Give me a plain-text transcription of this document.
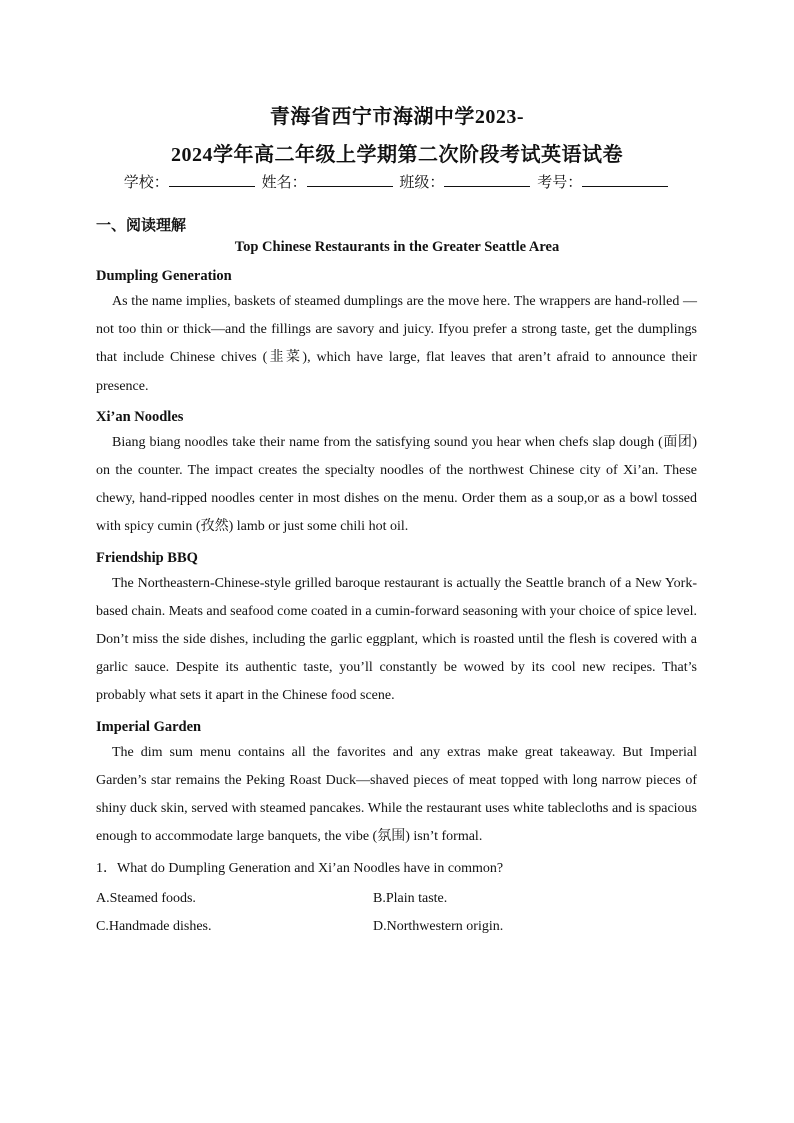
青海省西宁市海湖中学2023-
2024学年高二年级上学期第二次阶段考试英语试卷
学校：	姓名：	班级：	考号：
一、阅读理解
Top Chinese Restaurants in the Greater Seattle Area
Dumpling Generation

As the name implies, baskets of steamed dumplings are the move here. The wrappers are hand-rolled —not too thin or thick—and the fillings are savory and juicy. Ifyou prefer a strong taste, get the dumplings that include Chinese chives (韭菜), which have large, flat leaves that aren’t afraid to announce their presence.

Xi’an Noodles

Biang biang noodles take their name from the satisfying sound you hear when chefs slap dough (面团) on the counter. The impact creates the specialty noodles of the northwest Chinese city of Xi’an. These chewy, hand-ripped noodles center in most dishes on the menu. Order them as a soup,or as a bowl tossed with spicy cumin (孜然) lamb or just some chili hot oil.

Friendship BBQ

The Northeastern-Chinese-style grilled baroque restaurant is actually the Seattle branch of a New York-based chain. Meats and seafood come coated in a cumin-forward seasoning with your choice of spice level. Don’t miss the side dishes, including the garlic eggplant, which is roasted until the flesh is covered with a garlic sauce. Despite its authentic taste, you’ll constantly be wowed by its cool new recipes. That’s probably what sets it apart in the Chinese food scene.

Imperial Garden

The dim sum menu contains all the favorites and any extras make great takeaway. But Imperial Garden’s star remains the Peking Roast Duck—shaved pieces of meat topped with long narrow pieces of shiny duck skin, served with steamed pancakes. While the restaurant uses white tablecloths and is spacious enough to accommodate large banquets, the vibe (氛围) isn’t formal.

1．What do Dumpling Generation and Xi’an Noodles have in common?
A.Steamed foods.	B.Plain taste.
C.Handmade dishes.	D.Northwestern origin.
